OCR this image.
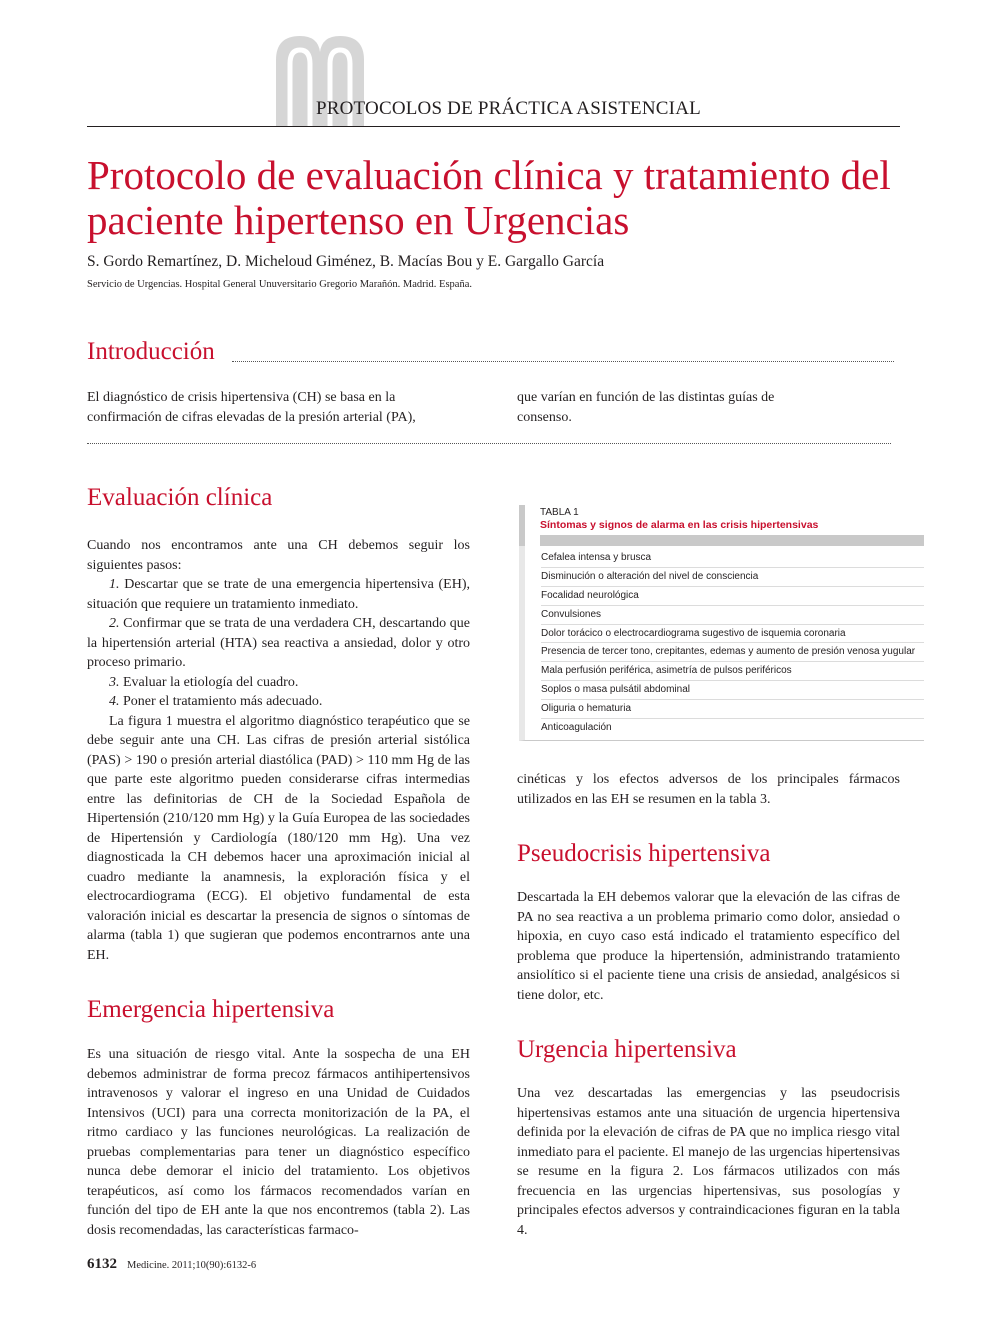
PROTOCOLOS DE PRÁCTICA ASISTENCIAL
Protocolo de evaluación clínica y tratamiento del paciente hipertenso en Urgencias
S. Gordo Remartínez, D. Micheloud Giménez, B. Macías Bou y E. Gargallo García
Servicio de Urgencias. Hospital General Unuversitario Gregorio Marañón. Madrid. España.
Introducción
El diagnóstico de crisis hipertensiva (CH) se basa en la confirmación de cifras elevadas de la presión arterial (PA),
que varían en función de las distintas guías de consenso.
Evaluación clínica

Cuando nos encontramos ante una CH debemos seguir los siguientes pasos:

1. Descartar que se trate de una emergencia hipertensiva (EH), situación que requiere un tratamiento inmediato.

2. Confirmar que se trata de una verdadera CH, descartando que la hipertensión arterial (HTA) sea reactiva a ansiedad, dolor y otro proceso primario.

3. Evaluar la etiología del cuadro.

4. Poner el tratamiento más adecuado.

La figura 1 muestra el algoritmo diagnóstico terapéutico que se debe seguir ante una CH. Las cifras de presión arterial sistólica (PAS) > 190 o presión arterial diastólica (PAD) > 110 mm Hg de las que parte este algoritmo pueden considerarse cifras intermedias entre las definitorias de CH de la Sociedad Española de Hipertensión (210/120 mm Hg) y la Guía Europea de las sociedades de Hipertensión y Cardiología (180/120 mm Hg). Una vez diagnosticada la CH debemos hacer una aproximación inicial al cuadro mediante la anamnesis, la exploración física y el electrocardiograma (ECG). El objetivo fundamental de esta valoración inicial es descartar la presencia de signos o síntomas de alarma (tabla 1) que sugieran que podemos encontrarnos ante una EH.

Emergencia hipertensiva

Es una situación de riesgo vital. Ante la sospecha de una EH debemos administrar de forma precoz fármacos antihipertensivos intravenosos y valorar el ingreso en una Unidad de Cuidados Intensivos (UCI) para una correcta monitorización de la PA, el ritmo cardiaco y las funciones neurológicas. La realización de pruebas complementarias para tener un diagnóstico específico nunca debe demorar el inicio del tratamiento. Los objetivos terapéuticos, así como los fármacos recomendados varían en función del tipo de EH ante la que nos encontremos (tabla 2). Las dosis recomendadas, las características farmaco-

TABLA 1
Síntomas y signos de alarma en las crisis hipertensivas
Cefalea intensa y brusca
Disminución o alteración del nivel de consciencia
Focalidad neurológica
Convulsiones
Dolor torácico o electrocardiograma sugestivo de isquemia coronaria
Presencia de tercer tono, crepitantes, edemas y aumento de presión venosa yugular
Mala perfusión periférica, asimetría de pulsos periféricos
Soplos o masa pulsátil abdominal
Oliguria o hematuria
Anticoagulación

cinéticas y los efectos adversos de los principales fármacos utilizados en las EH se resumen en la tabla 3.

Pseudocrisis hipertensiva

Descartada la EH debemos valorar que la elevación de las cifras de PA no sea reactiva a un problema primario como dolor, ansiedad o hipoxia, en cuyo caso está indicado el tratamiento específico del problema que produce la hipertensión, administrando tratamiento ansiolítico si el paciente tiene una crisis de ansiedad, analgésicos si tiene dolor, etc.

Urgencia hipertensiva

Una vez descartadas las emergencias y las pseudocrisis hipertensivas estamos ante una situación de urgencia hipertensiva definida por la elevación de cifras de PA que no implica riesgo vital inmediato para el paciente. El manejo de las urgencias hipertensivas se resume en la figura 2. Los fármacos utilizados con más frecuencia en las urgencias hipertensivas, sus posologías y principales efectos adversos y contraindicaciones figuran en la tabla 4.

6132 Medicine. 2011;10(90):6132-6
